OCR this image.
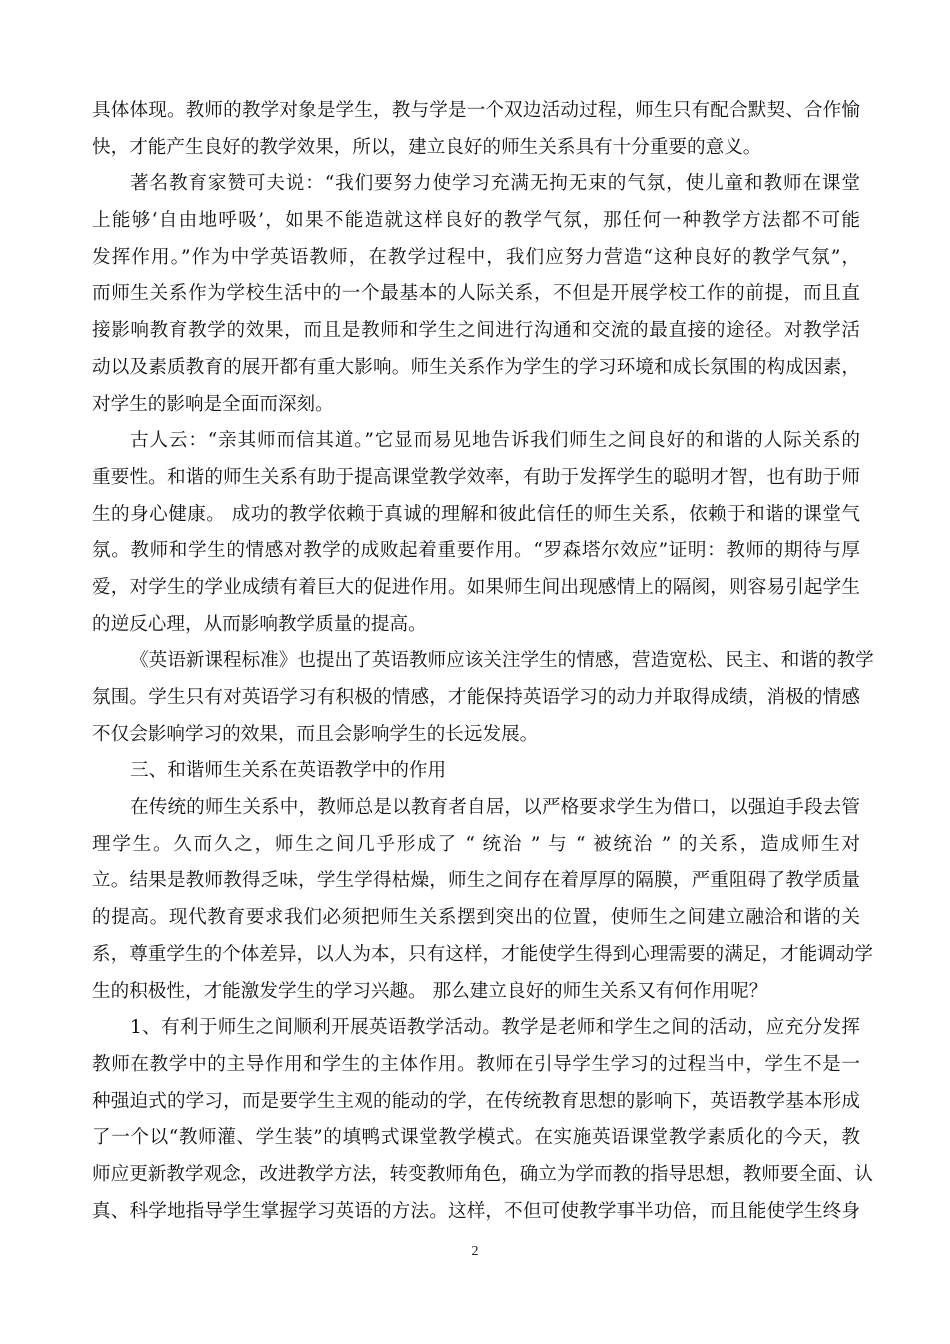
具体体现。教师的教学对象是学生，教与学是一个双边活动过程，师生只有配合默契、合作愉
快，才能产生良好的教学效果，所以，建立良好的师生关系具有十分重要的意义。
著名教育家赞可夫说：“我们要努力使学习充满无拘无束的气氛，使儿童和教师在课堂
上能够‘自由地呼吸’，如果不能造就这样良好的教学气氛，那任何一种教学方法都不可能
发挥作用。”作为中学英语教师，在教学过程中，我们应努力营造“这种良好的教学气氛”，
而师生关系作为学校生活中的一个最基本的人际关系，不但是开展学校工作的前提，而且直
接影响教育教学的效果，而且是教师和学生之间进行沟通和交流的最直接的途径。对教学活
动以及素质教育的展开都有重大影响。师生关系作为学生的学习环境和成长氛围的构成因素，
对学生的影响是全面而深刻。
古人云：“亲其师而信其道。”它显而易见地告诉我们师生之间良好的和谐的人际关系的
重要性。和谐的师生关系有助于提高课堂教学效率，有助于发挥学生的聪明才智，也有助于师
生的身心健康。 成功的教学依赖于真诚的理解和彼此信任的师生关系，依赖于和谐的课堂气
氛。教师和学生的情感对教学的成败起着重要作用。“罗森塔尔效应”证明：教师的期待与厚
爱，对学生的学业成绩有着巨大的促进作用。如果师生间出现感情上的隔阂，则容易引起学生
的逆反心理，从而影响教学质量的提高。
《英语新课程标准》也提出了英语教师应该关注学生的情感，营造宽松、民主、和谐的教学
氛围。学生只有对英语学习有积极的情感，才能保持英语学习的动力并取得成绩，消极的情感
不仅会影响学习的效果，而且会影响学生的长远发展。
三、和谐师生关系在英语教学中的作用
在传统的师生关系中，教师总是以教育者自居，以严格要求学生为借口，以强迫手段去管
理学生。久而久之，师生之间几乎形成了 “ 统治 ” 与 “ 被统治 ” 的关系，造成师生对
立。结果是教师教得乏味，学生学得枯燥，师生之间存在着厚厚的隔膜，严重阻碍了教学质量
的提高。现代教育要求我们必须把师生关系摆到突出的位置，使师生之间建立融洽和谐的关
系，尊重学生的个体差异，以人为本，只有这样，才能使学生得到心理需要的满足，才能调动学
生的积极性，才能激发学生的学习兴趣。 那么建立良好的师生关系又有何作用呢？
1、有利于师生之间顺利开展英语教学活动。教学是老师和学生之间的活动，应充分发挥
教师在教学中的主导作用和学生的主体作用。教师在引导学生学习的过程当中，学生不是一
种强迫式的学习，而是要学生主观的能动的学，在传统教育思想的影响下，英语教学基本形成
了一个以“教师灌、学生装”的填鸭式课堂教学模式。在实施英语课堂教学素质化的今天，教
师应更新教学观念，改进教学方法，转变教师角色，确立为学而教的指导思想，教师要全面、认
真、科学地指导学生掌握学习英语的方法。这样，不但可使教学事半功倍，而且能使学生终身
2
